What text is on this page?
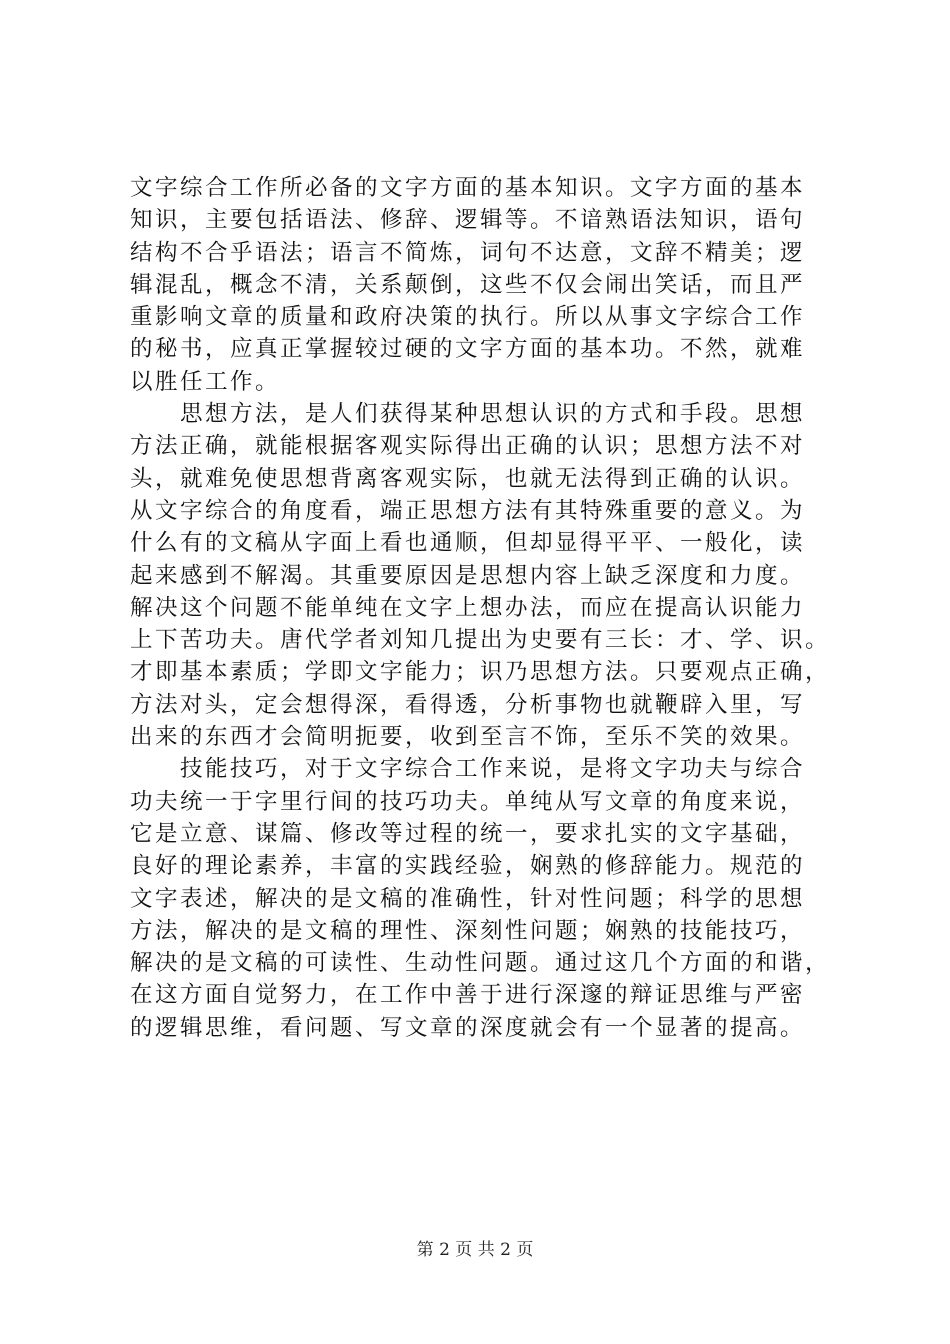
文字综合工作所必备的文字方面的基本知识。文字方面的基本
知识，主要包括语法、修辞、逻辑等。不谙熟语法知识，语句
结构不合乎语法；语言不简炼，词句不达意，文辞不精美；逻
辑混乱，概念不清，关系颠倒，这些不仅会闹出笑话，而且严
重影响文章的质量和政府决策的执行。所以从事文字综合工作
的秘书，应真正掌握较过硬的文字方面的基本功。不然，就难
以胜任工作。
　　思想方法，是人们获得某种思想认识的方式和手段。思想
方法正确，就能根据客观实际得出正确的认识；思想方法不对
头，就难免使思想背离客观实际，也就无法得到正确的认识。
从文字综合的角度看，端正思想方法有其特殊重要的意义。为
什么有的文稿从字面上看也通顺，但却显得平平、一般化，读
起来感到不解渴。其重要原因是思想内容上缺乏深度和力度。
解决这个问题不能单纯在文字上想办法，而应在提高认识能力
上下苦功夫。唐代学者刘知几提出为史要有三长：才、学、识。
才即基本素质；学即文字能力；识乃思想方法。只要观点正确，
方法对头，定会想得深，看得透，分析事物也就鞭辟入里，写
出来的东西才会简明扼要，收到至言不饰，至乐不笑的效果。
　　技能技巧，对于文字综合工作来说，是将文字功夫与综合
功夫统一于字里行间的技巧功夫。单纯从写文章的角度来说，
它是立意、谋篇、修改等过程的统一，要求扎实的文字基础，
良好的理论素养，丰富的实践经验，娴熟的修辞能力。规范的
文字表述，解决的是文稿的准确性，针对性问题；科学的思想
方法，解决的是文稿的理性、深刻性问题；娴熟的技能技巧，
解决的是文稿的可读性、生动性问题。通过这几个方面的和谐，
在这方面自觉努力，在工作中善于进行深邃的辩证思维与严密
的逻辑思维，看问题、写文章的深度就会有一个显著的提高。
第 2 页 共 2 页
